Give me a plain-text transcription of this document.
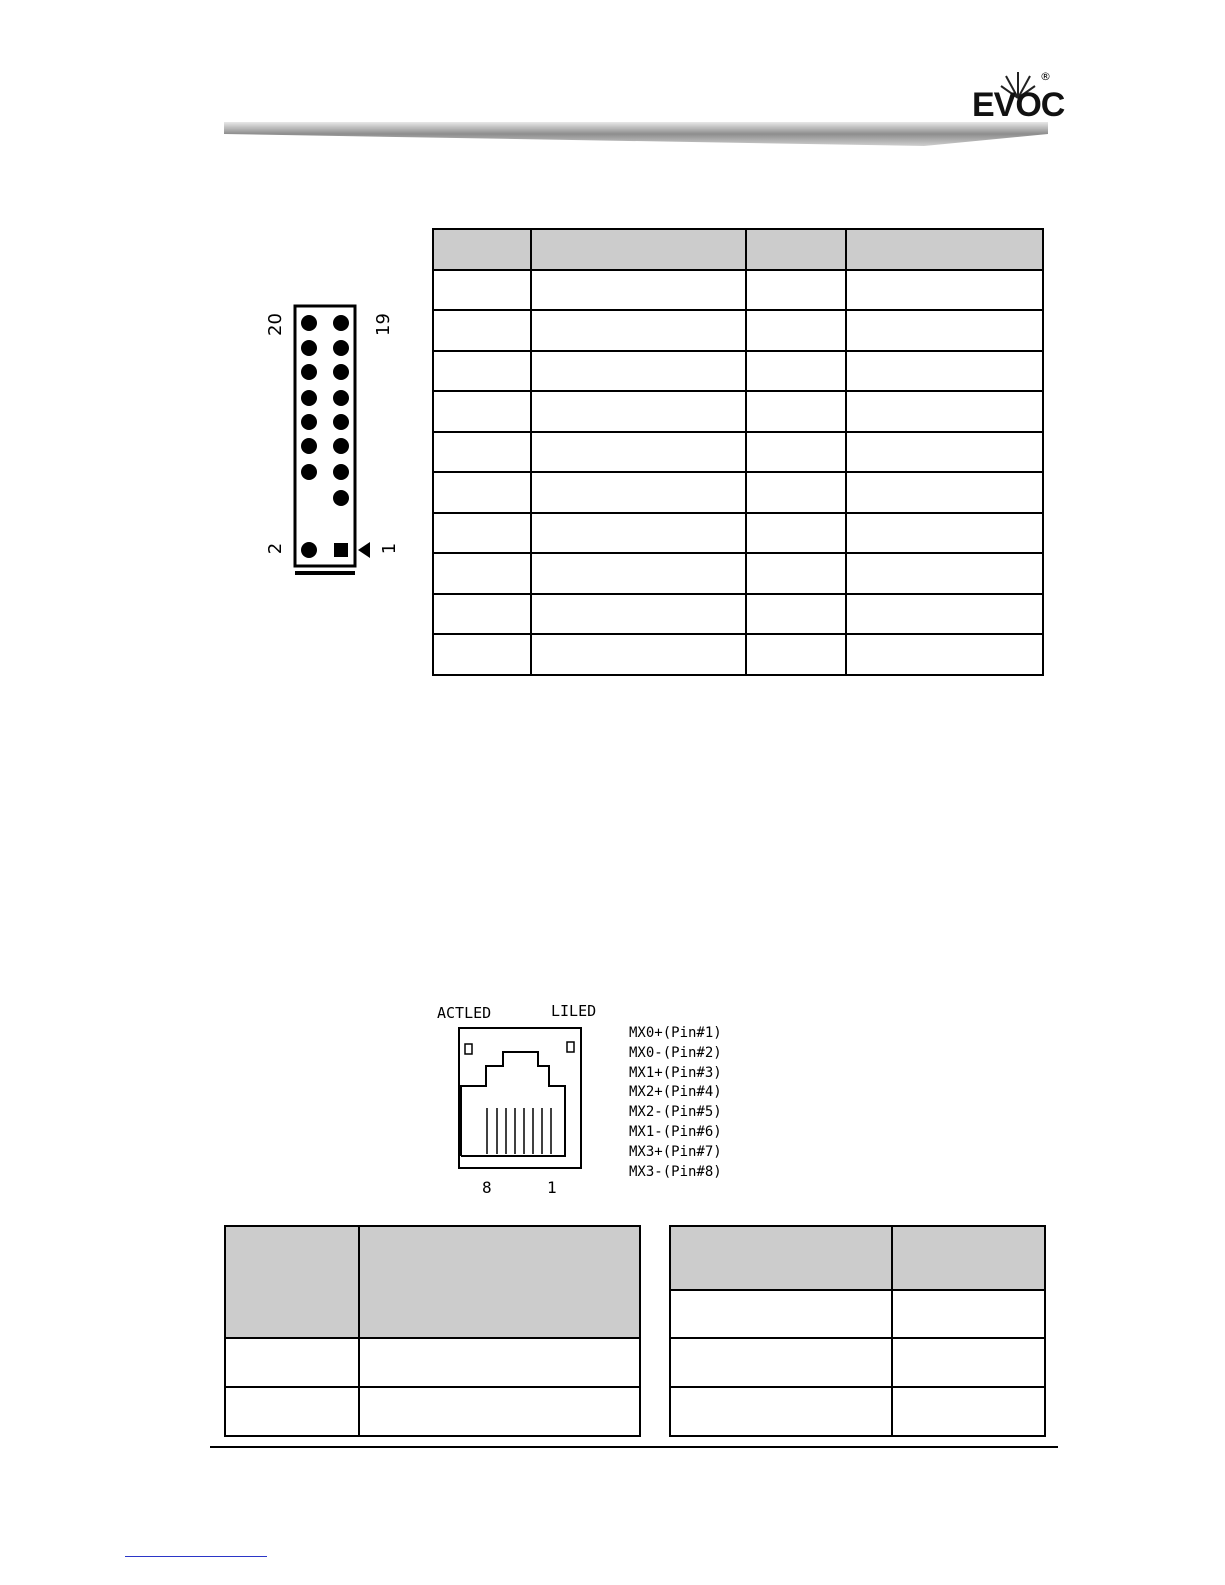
EVOC
®
20	19
2	1

ACTLED	LILED
8	1
MX0+(Pin#1)
MX0-(Pin#2)
MX1+(Pin#3)
MX2+(Pin#4)
MX2-(Pin#5)
MX1-(Pin#6)
MX3+(Pin#7)
MX3-(Pin#8)
